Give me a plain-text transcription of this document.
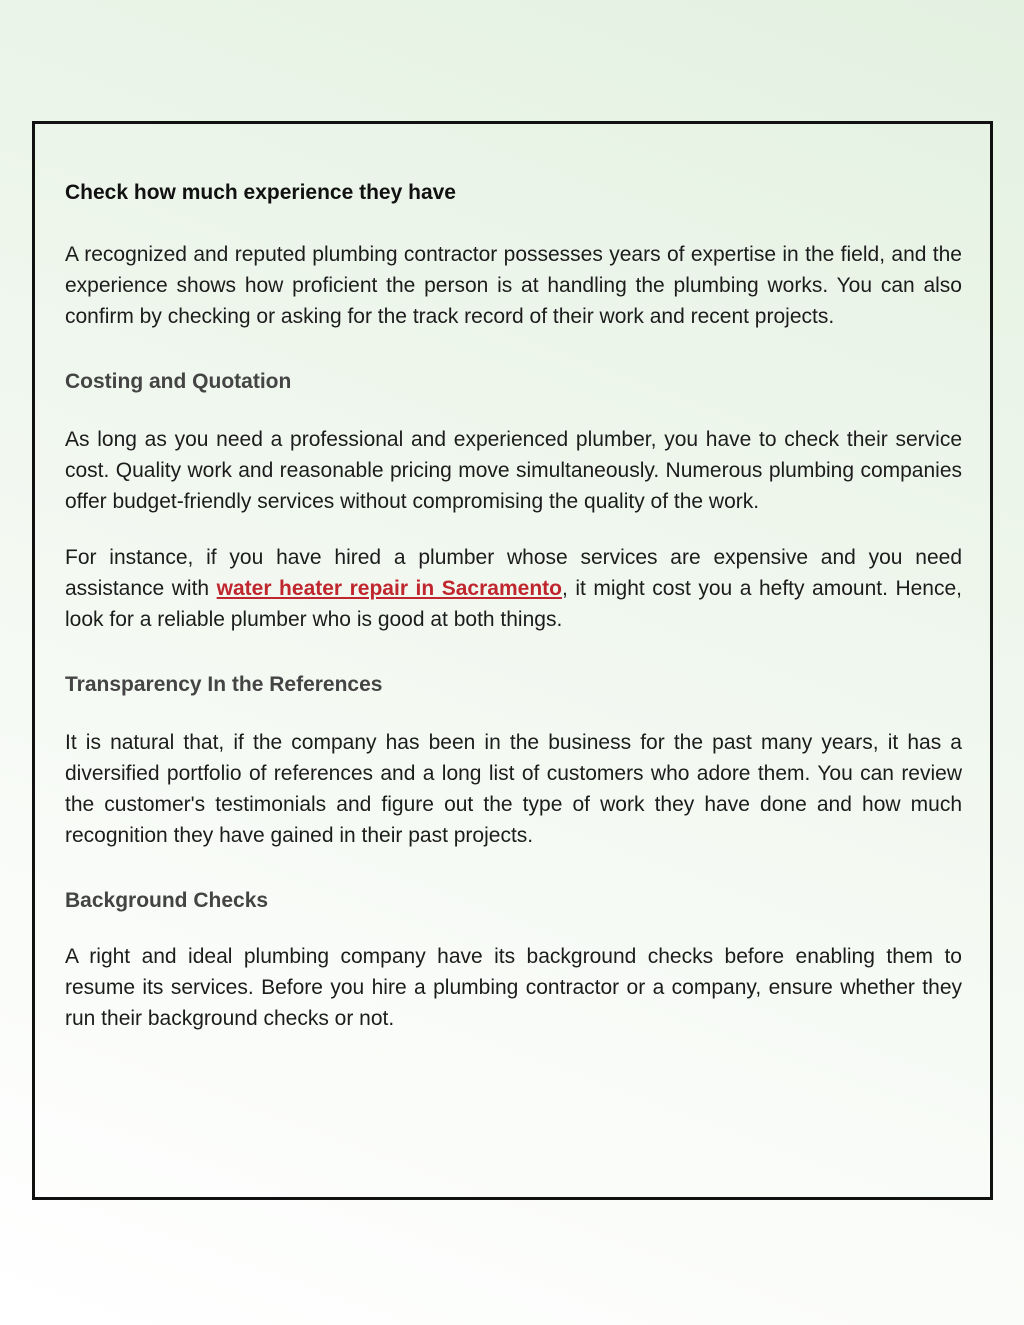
Check how much experience they have

A recognized and reputed plumbing contractor possesses years of expertise in the field, and the experience shows how proficient the person is at handling the plumbing works. You can also confirm by checking or asking for the track record of their work and recent projects.

Costing and Quotation

As long as you need a professional and experienced plumber, you have to check their service cost. Quality work and reasonable pricing move simultaneously. Numerous plumbing companies offer budget-friendly services without compromising the quality of the work.

For instance, if you have hired a plumber whose services are expensive and you need assistance with water heater repair in Sacramento, it might cost you a hefty amount. Hence, look for a reliable plumber who is good at both things.

Transparency In the References

It is natural that, if the company has been in the business for the past many years, it has a diversified portfolio of references and a long list of customers who adore them. You can review the customer's testimonials and figure out the type of work they have done and how much recognition they have gained in their past projects.

Background Checks

A right and ideal plumbing company have its background checks before enabling them to resume its services. Before you hire a plumbing contractor or a company, ensure whether they run their background checks or not.
